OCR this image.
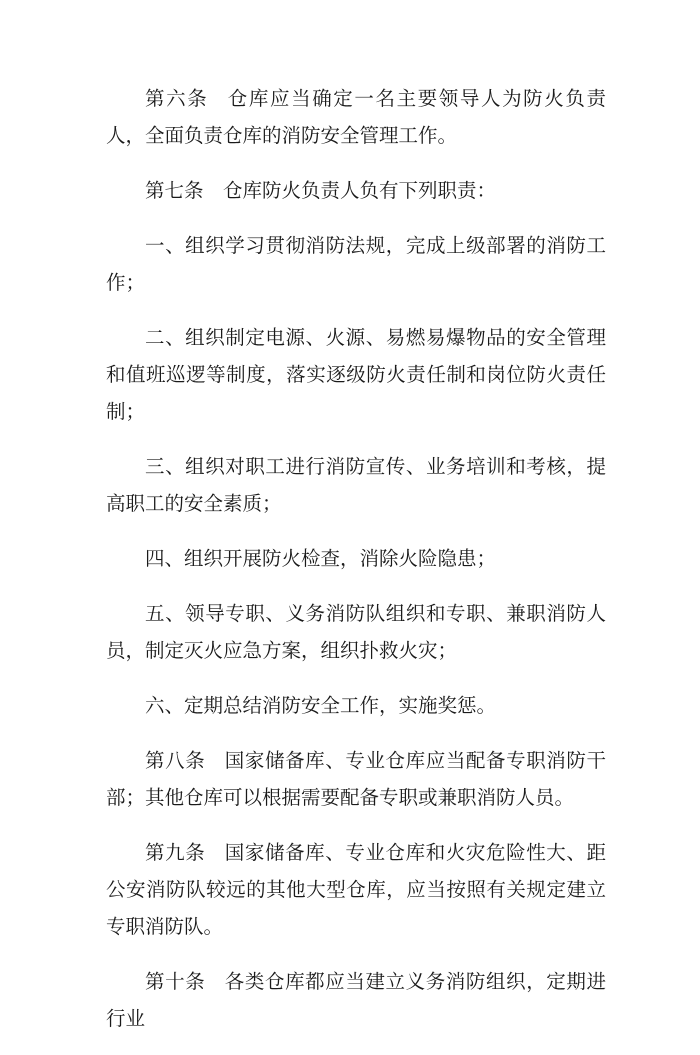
第六条 仓库应当确定一名主要领导人为防火负责人，全面负责仓库的消防安全管理工作。

第七条 仓库防火负责人负有下列职责：

一、组织学习贯彻消防法规，完成上级部署的消防工作；

二、组织制定电源、火源、易燃易爆物品的安全管理和值班巡逻等制度，落实逐级防火责任制和岗位防火责任制；

三、组织对职工进行消防宣传、业务培训和考核，提高职工的安全素质；

四、组织开展防火检查，消除火险隐患；

五、领导专职、义务消防队组织和专职、兼职消防人员，制定灭火应急方案，组织扑救火灾；

六、定期总结消防安全工作，实施奖惩。

第八条 国家储备库、专业仓库应当配备专职消防干部；其他仓库可以根据需要配备专职或兼职消防人员。

第九条 国家储备库、专业仓库和火灾危险性大、距公安消防队较远的其他大型仓库，应当按照有关规定建立专职消防队。

第十条 各类仓库都应当建立义务消防组织，定期进行业
